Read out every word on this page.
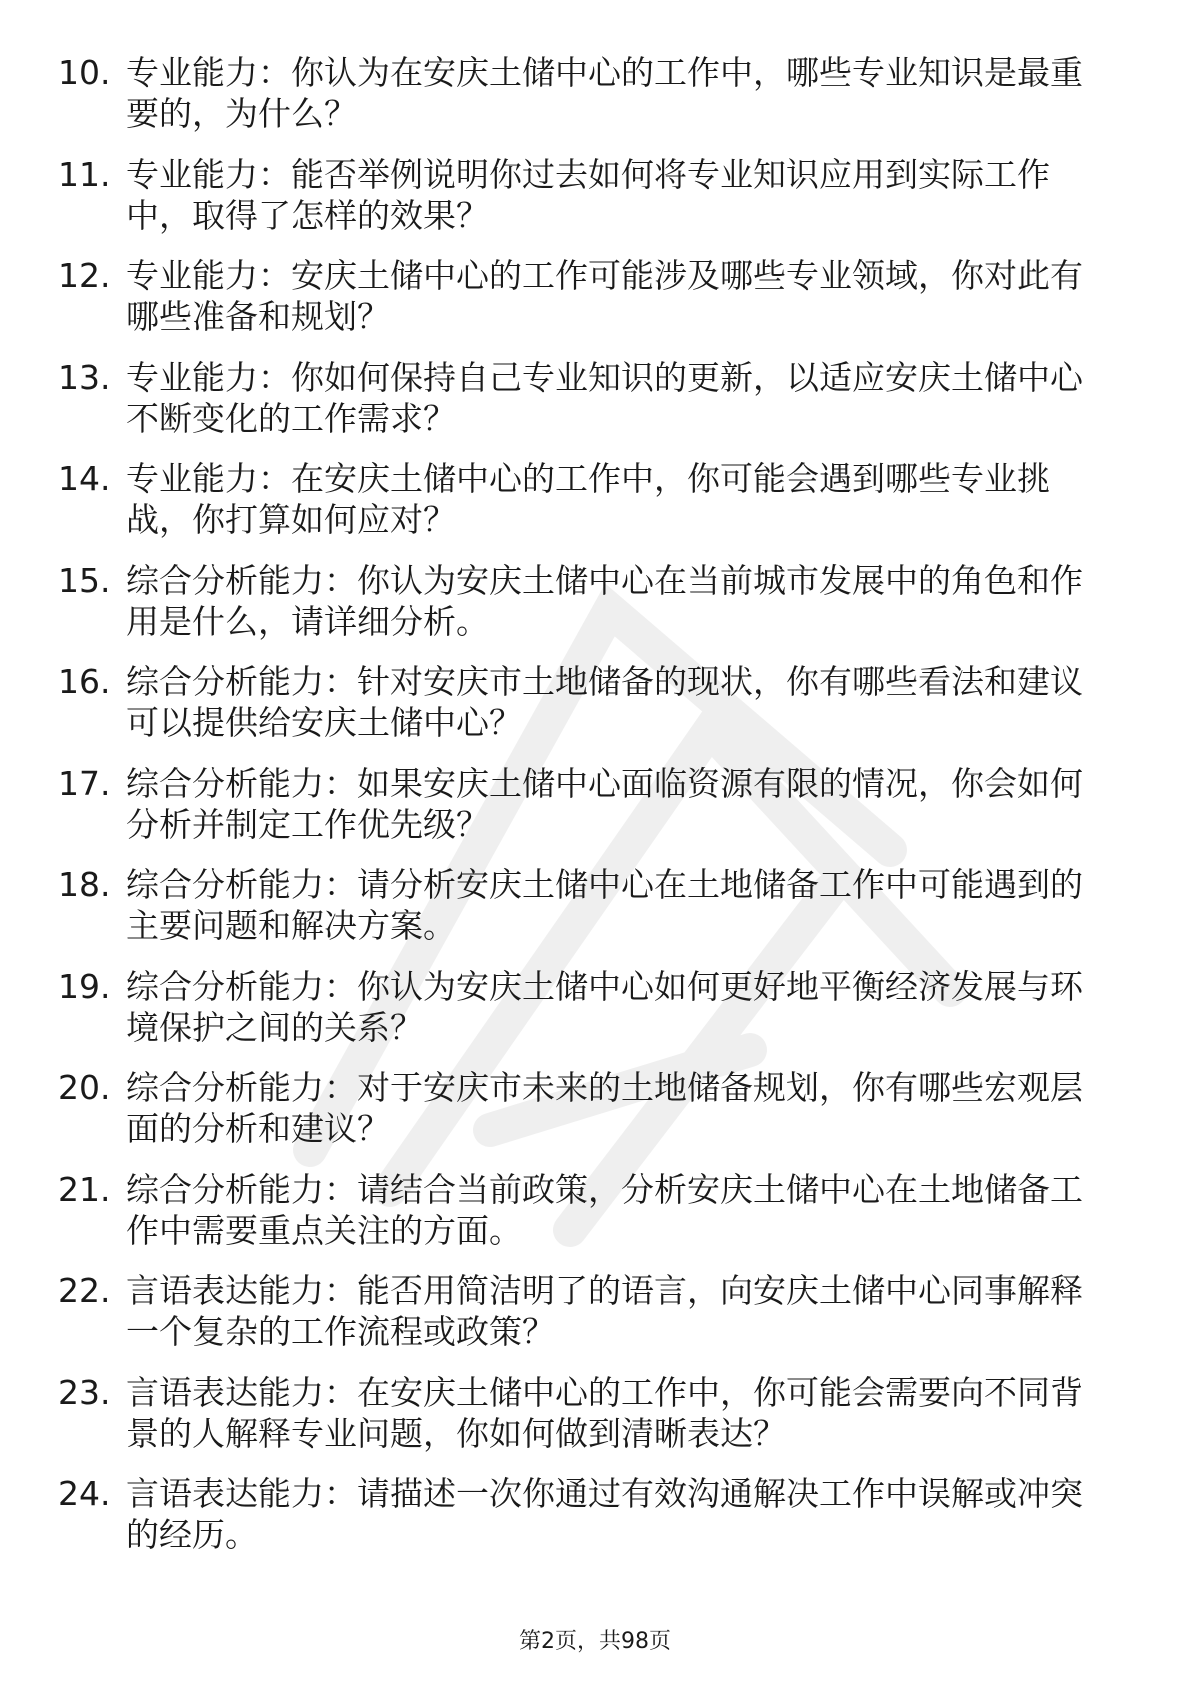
10. 专业能力：你认为在安庆土储中心的工作中，哪些专业知识是最重要的，为什么？
11. 专业能力：能否举例说明你过去如何将专业知识应用到实际工作中，取得了怎样的效果？
12. 专业能力：安庆土储中心的工作可能涉及哪些专业领域，你对此有哪些准备和规划？
13. 专业能力：你如何保持自己专业知识的更新，以适应安庆土储中心不断变化的工作需求？
14. 专业能力：在安庆土储中心的工作中，你可能会遇到哪些专业挑战，你打算如何应对？
15. 综合分析能力：你认为安庆土储中心在当前城市发展中的角色和作用是什么，请详细分析。
16. 综合分析能力：针对安庆市土地储备的现状，你有哪些看法和建议可以提供给安庆土储中心？
17. 综合分析能力：如果安庆土储中心面临资源有限的情况，你会如何分析并制定工作优先级？
18. 综合分析能力：请分析安庆土储中心在土地储备工作中可能遇到的主要问题和解决方案。
19. 综合分析能力：你认为安庆土储中心如何更好地平衡经济发展与环境保护之间的关系？
20. 综合分析能力：对于安庆市未来的土地储备规划，你有哪些宏观层面的分析和建议？
21. 综合分析能力：请结合当前政策，分析安庆土储中心在土地储备工作中需要重点关注的方面。
22. 言语表达能力：能否用简洁明了的语言，向安庆土储中心同事解释一个复杂的工作流程或政策？
23. 言语表达能力：在安庆土储中心的工作中，你可能会需要向不同背景的人解释专业问题，你如何做到清晰表达？
24. 言语表达能力：请描述一次你通过有效沟通解决工作中误解或冲突的经历。
第2页，共98页
